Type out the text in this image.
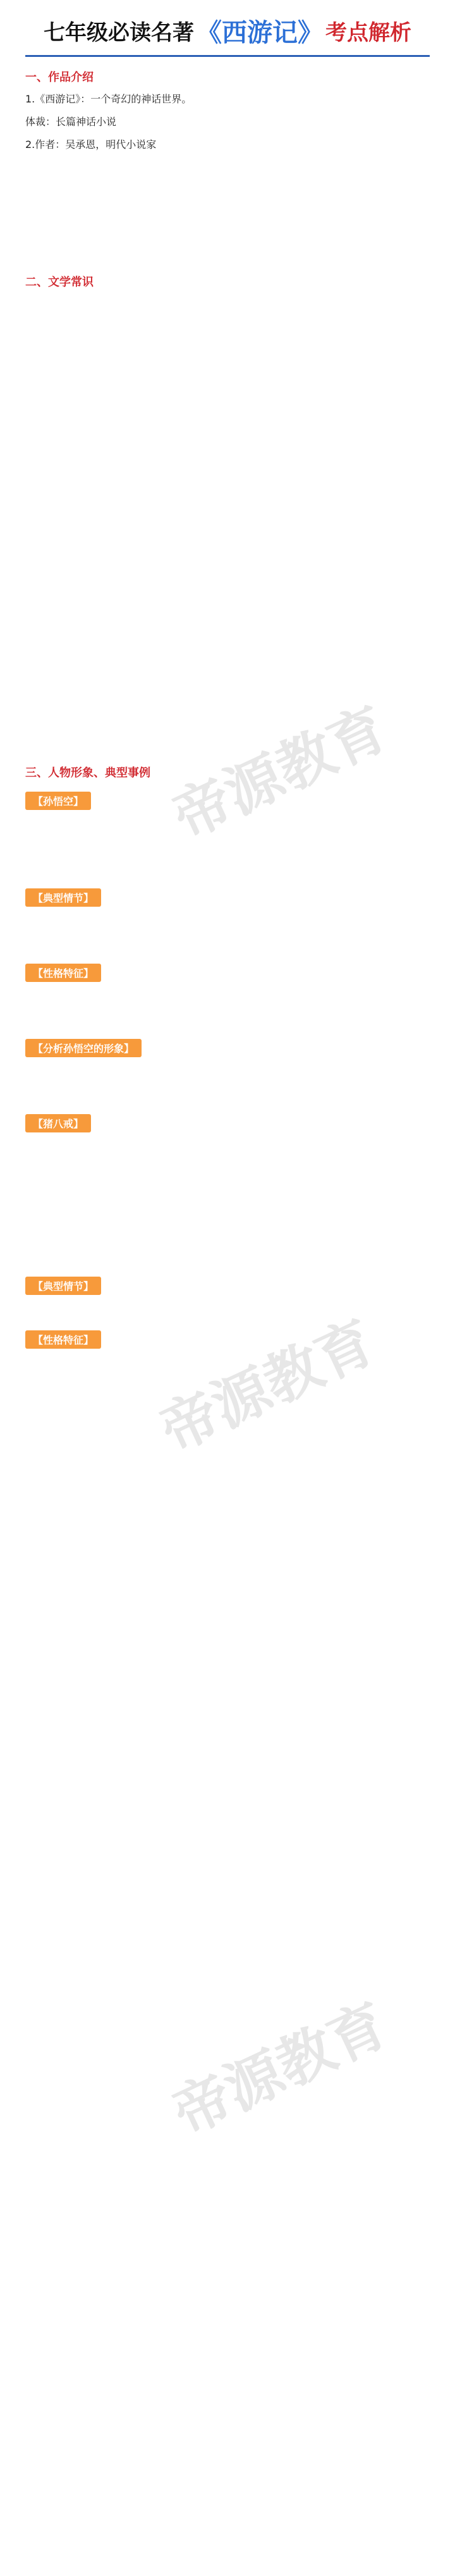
帝源教育
帝源教育
帝源教育
七年级必读名著 《西游记》 考点解析
一、作品介绍
1.《西游记》：一个奇幻的神话世界。
体裁：长篇神话小说
2.作者：吴承恩，明代小说家
二、文学常识
三、人物形象、典型事例
【孙悟空】
【典型情节】
【性格特征】
【分析孙悟空的形象】
【猪八戒】
【典型情节】
【性格特征】
